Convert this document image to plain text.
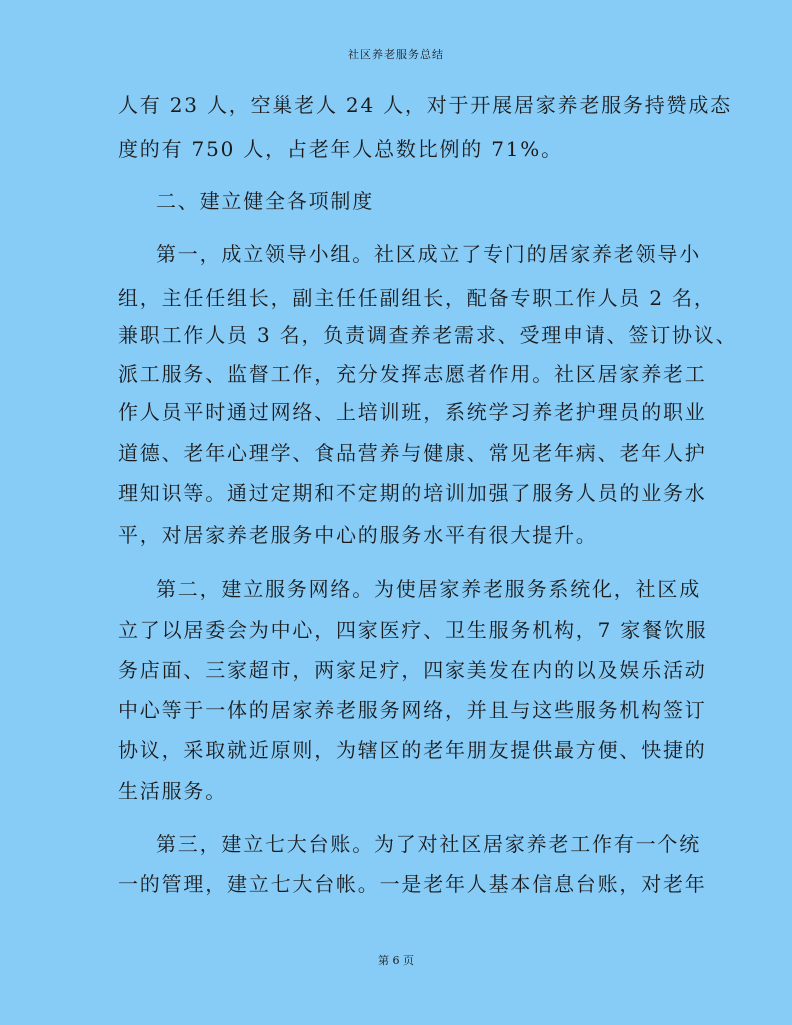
社区养老服务总结
人有 23 人，空巢老人 24 人，对于开展居家养老服务持赞成态
度的有 750 人，占老年人总数比例的 71%。
二、建立健全各项制度
第一，成立领导小组。社区成立了专门的居家养老领导小
组，主任任组长，副主任任副组长，配备专职工作人员 2 名，
兼职工作人员 3 名，负责调查养老需求、受理申请、签订协议、
派工服务、监督工作，充分发挥志愿者作用。社区居家养老工
作人员平时通过网络、上培训班，系统学习养老护理员的职业
道德、老年心理学、食品营养与健康、常见老年病、老年人护
理知识等。通过定期和不定期的培训加强了服务人员的业务水
平，对居家养老服务中心的服务水平有很大提升。
第二，建立服务网络。为使居家养老服务系统化，社区成
立了以居委会为中心，四家医疗、卫生服务机构，7 家餐饮服
务店面、三家超市，两家足疗，四家美发在内的以及娱乐活动
中心等于一体的居家养老服务网络，并且与这些服务机构签订
协议，采取就近原则，为辖区的老年朋友提供最方便、快捷的
生活服务。
第三，建立七大台账。为了对社区居家养老工作有一个统
一的管理，建立七大台帐。一是老年人基本信息台账，对老年
第 6 页
